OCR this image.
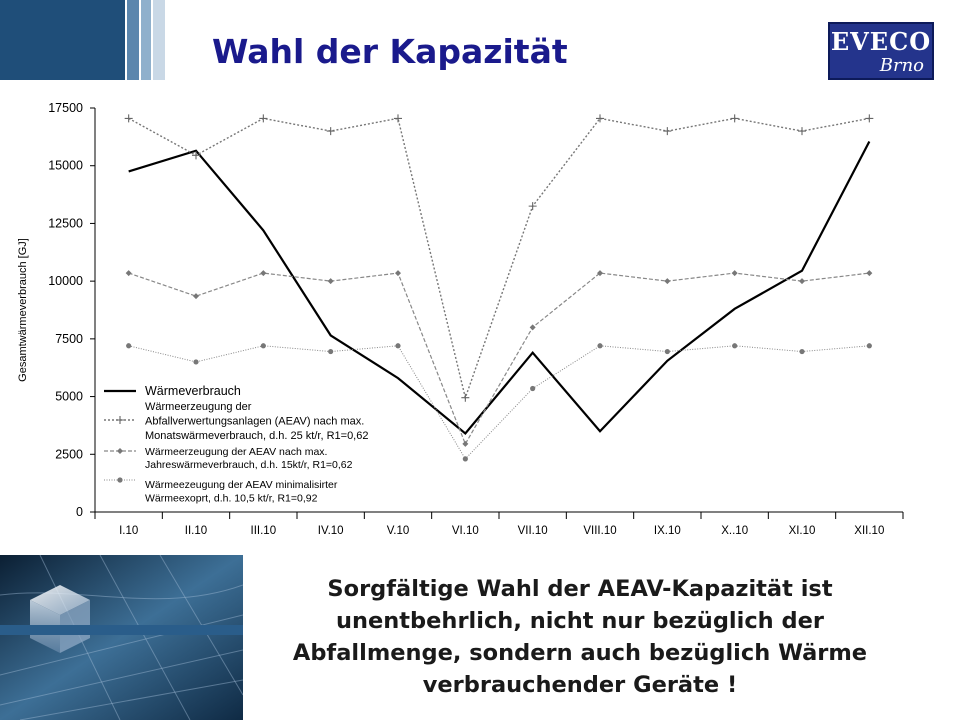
Wahl der Kapazität	EVECO
Brno
0
2500
5000
7500
10000
12500
15000
17500
I.10	II.10	III.10	IV.10	V.10	VI.10	VII.10	VIII.10	IX.10	X..10	XI.10	XII.10
Gesamtwärmeverbrauch [GJ]
Wärmeverbrauch
Wärmeerzeugung der
Abfallverwertungsanlagen (AEAV) nach max.
Monatswärmeverbrauch, d.h. 25 kt/r, R1=0,62
Wärmeerzeugung der AEAV nach max.
Jahreswärmeverbrauch, d.h. 15kt/r, R1=0,62
Wärmeezeugung der AEAV minimalisirter
Wärmeexoprt, d.h. 10,5 kt/r, R1=0,92
Sorgfältige Wahl der AEAV-Kapazität ist
unentbehrlich, nicht nur bezüglich der
Abfallmenge, sondern auch bezüglich Wärme
verbrauchender Geräte !
